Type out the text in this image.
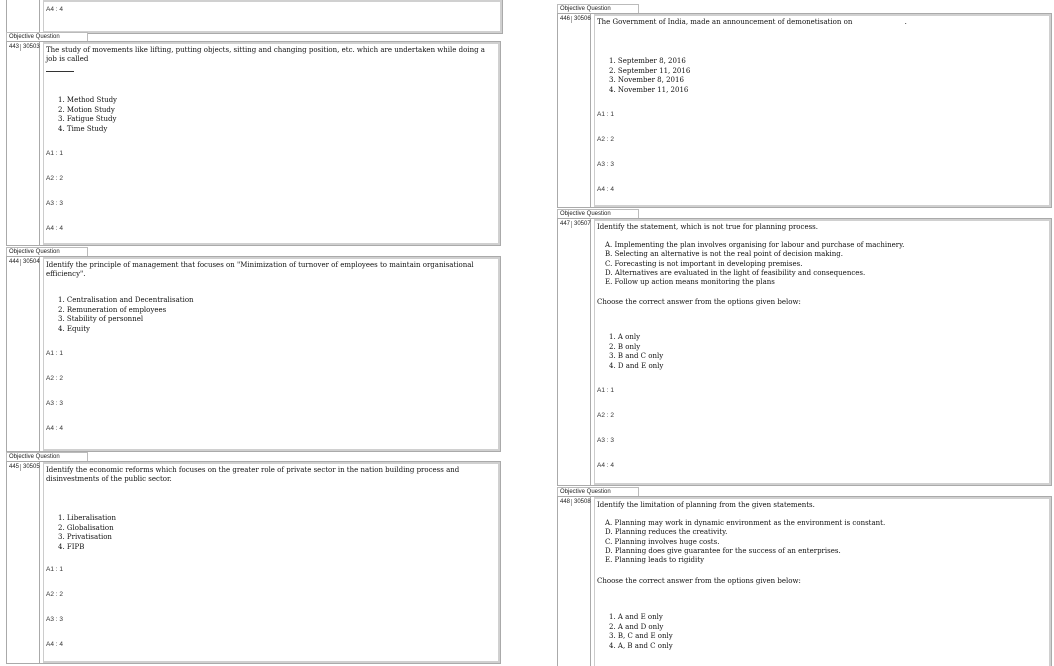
A4 : 4
Objective Question
443 30503 The study of movements like lifting, putting objects, sitting and changing position, etc. which are undertaken while doing a job is called

1. Method Study
2. Motion Study
3. Fatigue Study
4. Time Study
A1 : 1
A2 : 2
A3 : 3
A4 : 4
Objective Question
444 30504 Identify the principle of management that focuses on "Minimization of turnover of employees to maintain organisational efficiency".
1. Centralisation and Decentralisation
2. Remuneration of employees
3. Stability of personnel
4. Equity
A1 : 1
A2 : 2
A3 : 3
A4 : 4
Objective Question
445 30505 Identify the economic reforms which focuses on the greater role of private sector in the nation building process and disinvestments of the public sector.
1. Liberalisation
2. Globalisation
3. Privatisation
4. FIPB
A1 : 1
A2 : 2
A3 : 3
A4 : 4
Objective Question
446 30506 The Government of India, made an announcement of demonetisation on	.
1. September 8, 2016
2. September 11, 2016
3. November 8, 2016
4. November 11, 2016
A1 : 1
A2 : 2
A3 : 3
A4 : 4
Objective Question
447 30507 Identify the statement, which is not true for planning process.
A. Implementing the plan involves organising for labour and purchase of machinery.
B. Selecting an alternative is not the real point of decision making.
C. Forecasting is not important in developing premises.
D. Alternatives are evaluated in the light of feasibility and consequences.
E. Follow up action means monitoring the plans
Choose the correct answer from the options given below:
1. A only
2. B only
3. B and C only
4. D and E only
A1 : 1
A2 : 2
A3 : 3
A4 : 4
Objective Question
448 30508 Identify the limitation of planning from the given statements.
A. Planning may work in dynamic environment as the environment is constant.
D. Planning reduces the creativity.
C. Planning involves huge costs.
D. Planning does give guarantee for the success of an enterprises.
E. Planning leads to rigidity
Choose the correct answer from the options given below:
1. A and E only
2. A and D only
3. B, C and E only
4. A, B and C only
